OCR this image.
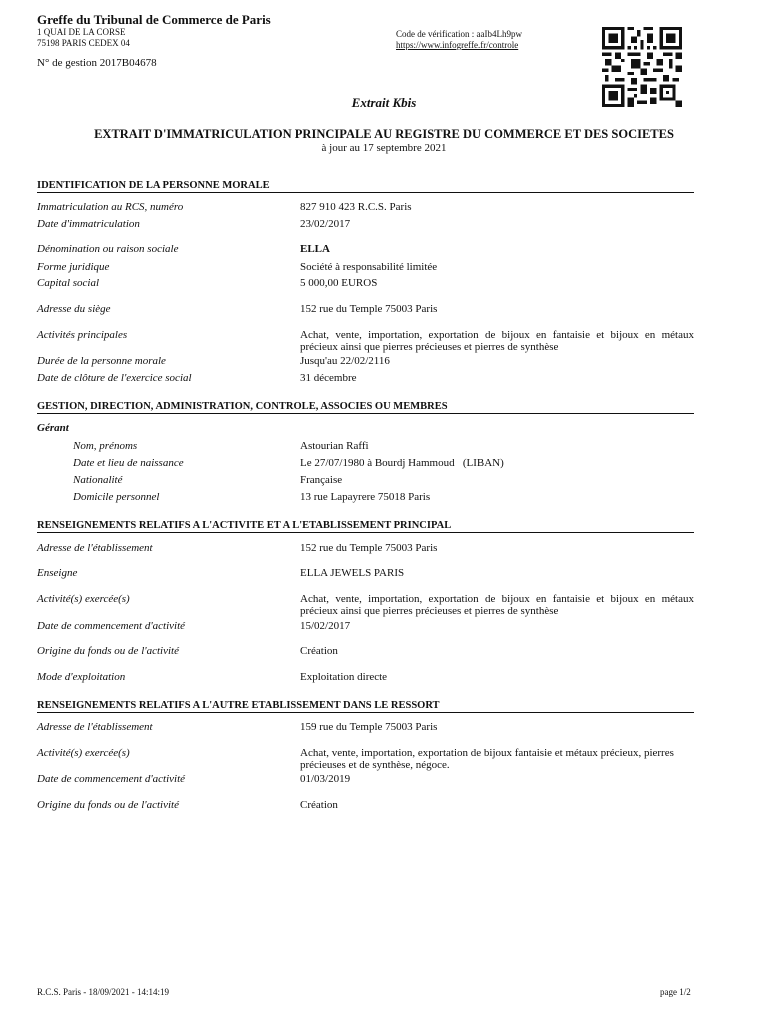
Greffe du Tribunal de Commerce de Paris
1 QUAI DE LA CORSE
75198 PARIS CEDEX 04
Code de vérification : aaIb4Lh9pw
https://www.infogreffe.fr/controle
N° de gestion 2017B04678
Extrait Kbis
EXTRAIT D'IMMATRICULATION PRINCIPALE AU REGISTRE DU COMMERCE ET DES SOCIETES
à jour au 17 septembre 2021
IDENTIFICATION DE LA PERSONNE MORALE
Immatriculation au RCS, numéro	827 910 423 R.C.S. Paris
Date d'immatriculation	23/02/2017
Dénomination ou raison sociale	ELLA
Forme juridique	Société à responsabilité limitée
Capital social	5 000,00 EUROS
Adresse du siège	152 rue du Temple 75003 Paris
Activités principales	Achat, vente, importation, exportation de bijoux en fantaisie et bijoux en métaux précieux ainsi que pierres précieuses et pierres de synthèse
Durée de la personne morale	Jusqu'au 22/02/2116
Date de clôture de l'exercice social	31 décembre
GESTION, DIRECTION, ADMINISTRATION, CONTROLE, ASSOCIES OU MEMBRES
Gérant
Nom, prénoms	Astourian Raffi
Date et lieu de naissance	Le 27/07/1980 à Bourdj Hammoud   (LIBAN)
Nationalité	Française
Domicile personnel	13 rue Lapayrere 75018 Paris
RENSEIGNEMENTS RELATIFS A L'ACTIVITE ET A L'ETABLISSEMENT PRINCIPAL
Adresse de l'établissement	152 rue du Temple 75003 Paris
Enseigne	ELLA JEWELS PARIS
Activité(s) exercée(s)	Achat, vente, importation, exportation de bijoux en fantaisie et bijoux en métaux précieux ainsi que pierres précieuses et pierres de synthèse
Date de commencement d'activité	15/02/2017
Origine du fonds ou de l'activité	Création
Mode d'exploitation	Exploitation directe
RENSEIGNEMENTS RELATIFS A L'AUTRE ETABLISSEMENT DANS LE RESSORT
Adresse de l'établissement	159 rue du Temple 75003 Paris
Activité(s) exercée(s)	Achat, vente, importation, exportation de bijoux fantaisie et métaux précieux, pierres précieuses et de synthèse, négoce.
Date de commencement d'activité	01/03/2019
Origine du fonds ou de l'activité	Création
R.C.S. Paris - 18/09/2021 - 14:14:19	page 1/2
